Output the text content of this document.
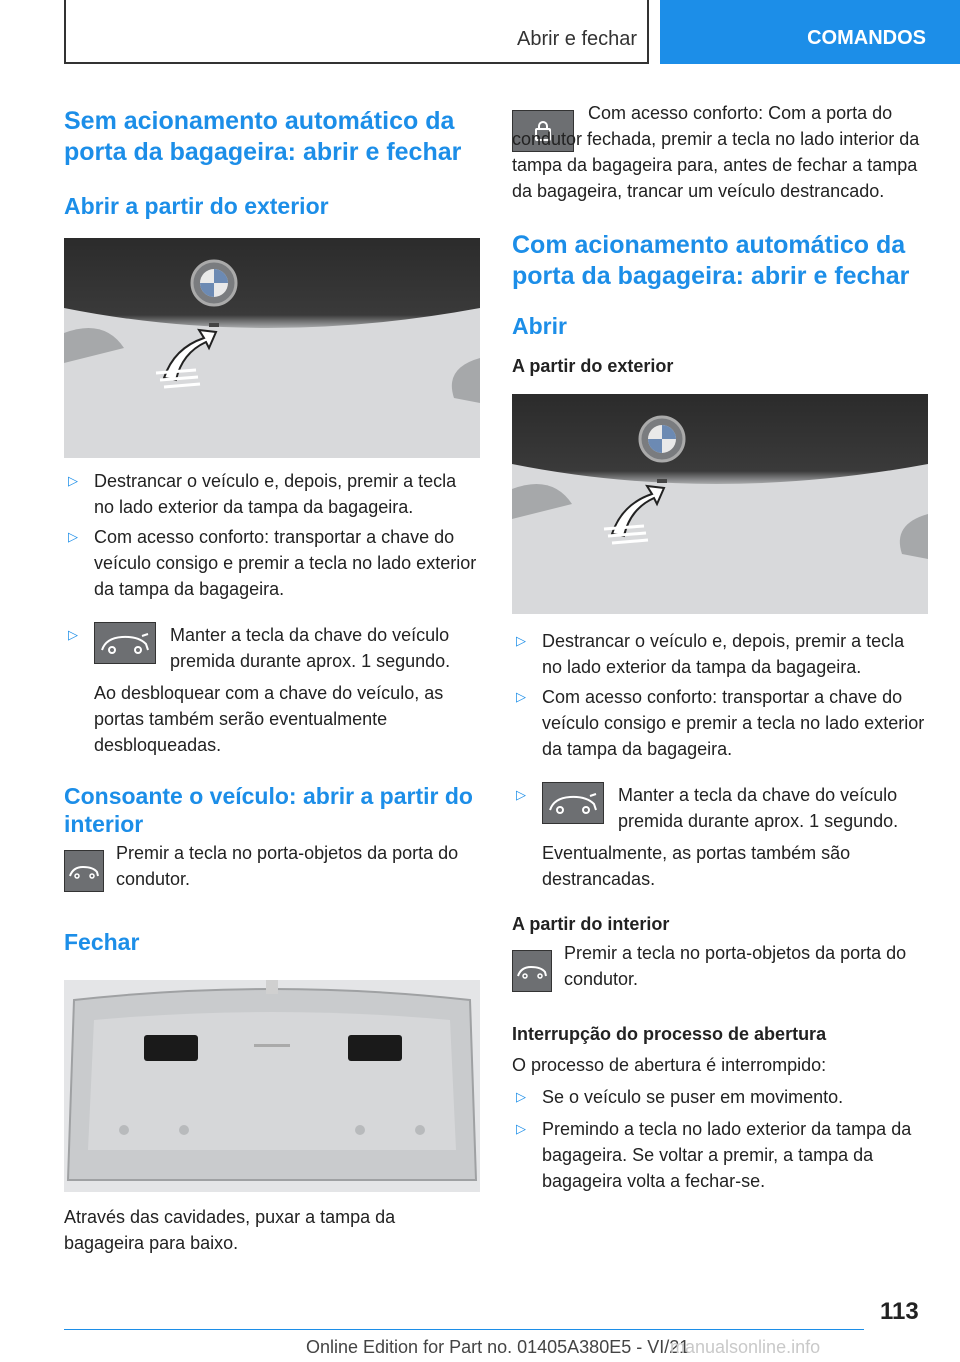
Abrir e fechar	COMANDOS
Sem acionamento automático da porta da bagageira: abrir e fechar
Abrir a partir do exterior
▷
Destrancar o veículo e, depois, premir a tecla no lado exterior da tampa da bagageira.
▷
Com acesso conforto: transportar a chave do veículo consigo e premir a tecla no lado exterior da tampa da bagageira.
▷
Manter a tecla da chave do veículo premida durante aprox. 1 segundo.

Ao desbloquear com a chave do veículo, as portas também serão eventualmente desbloqueadas.

Consoante o veículo: abrir a partir do interior
Premir a tecla no porta-objetos da porta do condutor.
Fechar

Através das cavidades, puxar a tampa da bagageira para baixo.

Com acesso conforto: Com a porta do condutor fechada, premir a tecla no lado interior da tampa da bagageira para, antes de fechar a tampa da bagageira, trancar um veículo destrancado.

Com acionamento automático da porta da bagageira: abrir e fechar
Abrir
A partir do exterior
▷
Destrancar o veículo e, depois, premir a tecla no lado exterior da tampa da bagageira.
▷
Com acesso conforto: transportar a chave do veículo consigo e premir a tecla no lado exterior da tampa da bagageira.
▷
Manter a tecla da chave do veículo premida durante aprox. 1 segundo.

Eventualmente, as portas também são destrancadas.

A partir do interior
Premir a tecla no porta-objetos da porta do condutor.
Interrupção do processo de abertura

O processo de abertura é interrompido:

▷
Se o veículo se puser em movimento.
▷
Premindo a tecla no lado exterior da tampa da bagageira. Se voltar a premir, a tampa da bagageira volta a fechar-se.
113
Online Edition for Part no. 01405A380E5 - VI/21
manualsonline.info
